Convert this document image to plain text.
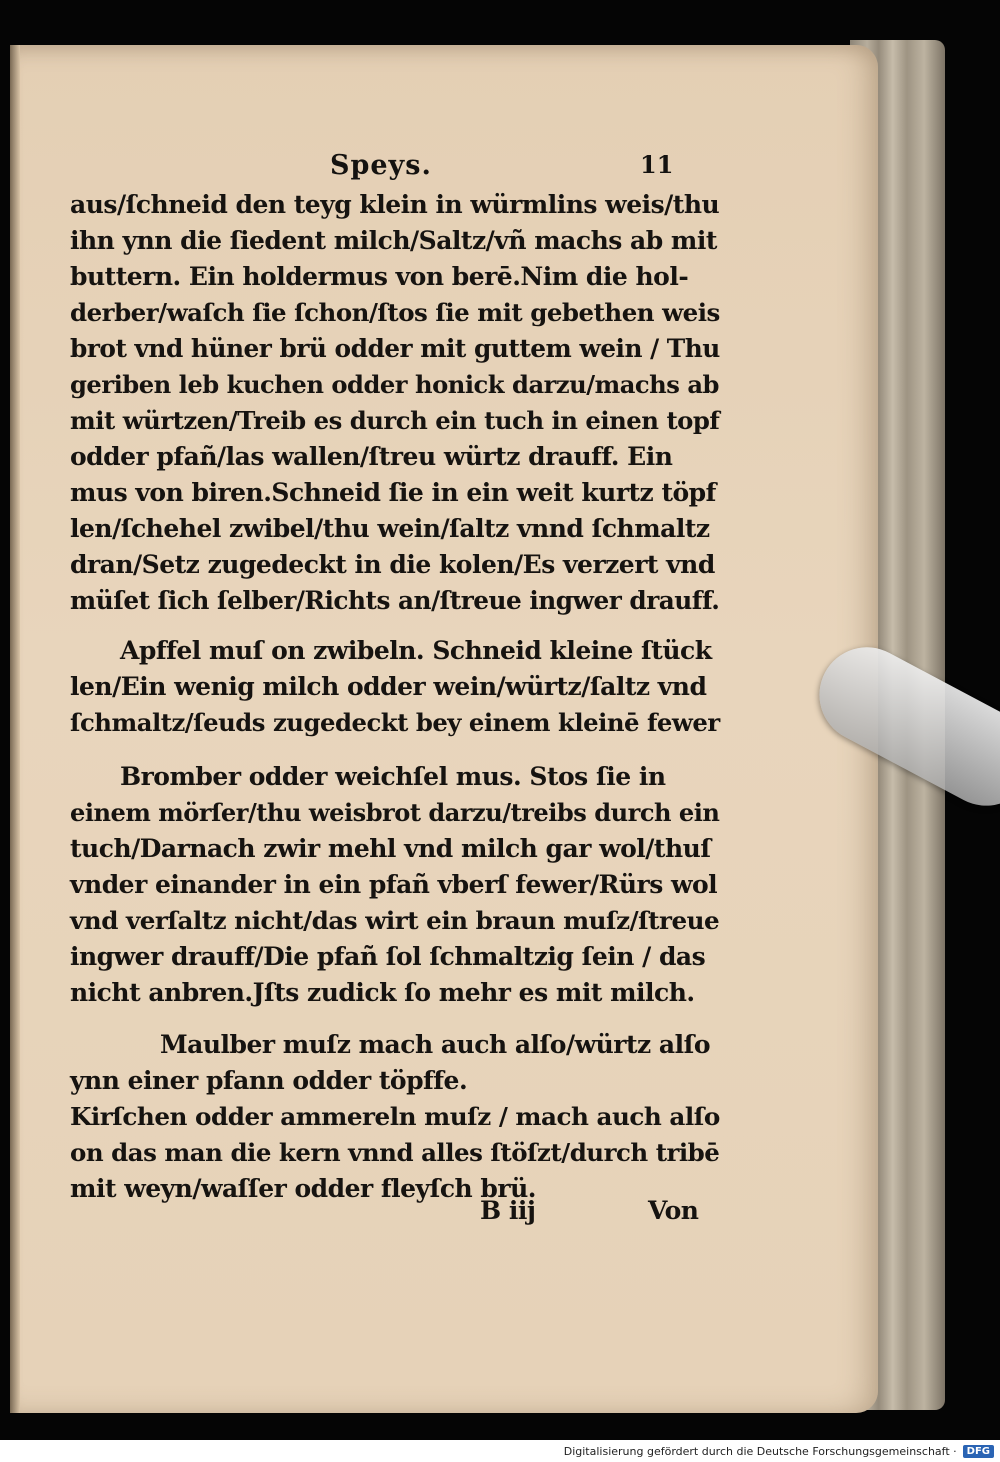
Speys.	11
aus/ſchneid den teyg klein in würmlins weis/thu
ihn ynn die ſiedent milch/Saltz/vñ machs ab mit
buttern. Ein holdermus von berē.Nim die hol-
derber/waſch ſie ſchon/ſtos ſie mit gebethen weis
brot vnd hüner brü odder mit guttem wein / Thu
geriben leb kuchen odder honick darzu/machs ab
mit würtzen/Treib es durch ein tuch in einen topf
odder pfañ/las wallen/ſtreu würtz drauff. Ein
mus von biren.Schneid ſie in ein weit kurtz töpf
len/ſchehel zwibel/thu wein/ſaltz vnnd ſchmaltz
dran/Setz zugedeckt in die kolen/Es verzert vnd
müſet ſich ſelber/Richts an/ſtreue ingwer drauff.
Apffel muſ on zwibeln. Schneid kleine ſtück
len/Ein wenig milch odder wein/würtz/ſaltz vnd
ſchmaltz/ſeuds zugedeckt bey einem kleinē fewer
Bromber odder weichſel mus. Stos ſie in
einem mörſer/thu weisbrot darzu/treibs durch ein
tuch/Darnach zwir mehl vnd milch gar wol/thuſ
vnder einander in ein pfañ vberſ fewer/Rürs wol
vnd verſaltz nicht/das wirt ein braun muſz/ſtreue
ingwer drauff/Die pfañ ſol ſchmaltzig ſein / das
nicht anbren.Jſts zudick ſo mehr es mit milch.
Maulber muſz mach auch alſo/würtz alſo
ynn einer pfann odder töpffe.
Kirſchen odder ammereln muſz / mach auch alſo
on das man die kern vnnd alles ſtöſzt/durch tribē
mit weyn/waſſer odder fleyſch brü.
B iij	Von
Digitalisierung gefördert durch die Deutsche Forschungsgemeinschaft ·	DFG
